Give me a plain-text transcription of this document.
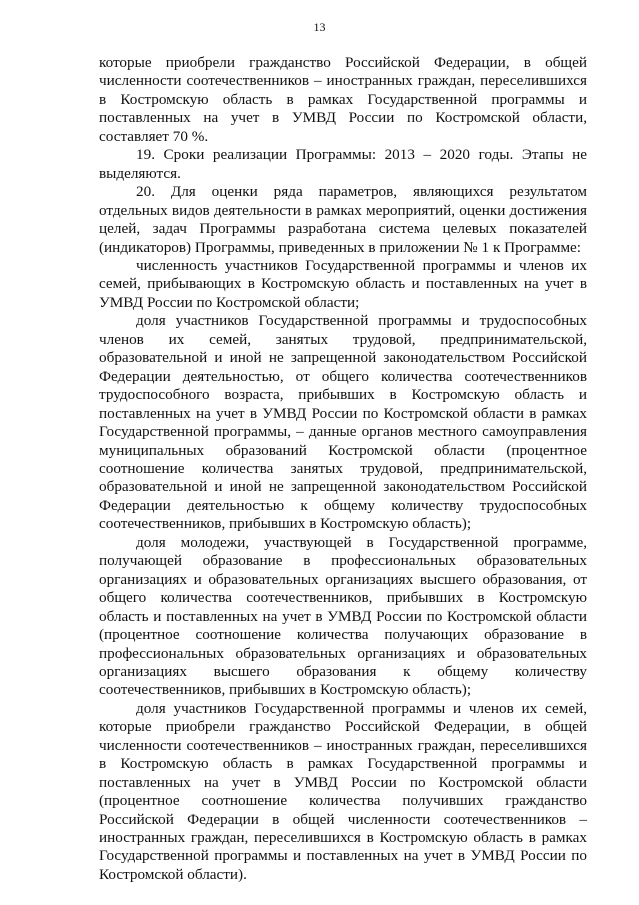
13

которые приобрели гражданство Российской Федерации, в общей численности соотечественников – иностранных граждан, переселившихся в Костромскую область в рамках Государственной программы и поставленных на учет в УМВД России по Костромской области, составляет 70 %.

19. Сроки реализации Программы: 2013 – 2020 годы. Этапы не выделяются.

20. Для оценки ряда параметров, являющихся результатом отдельных видов деятельности в рамках мероприятий, оценки достижения целей, задач Программы разработана система целевых показателей (индикаторов) Программы, приведенных в приложении № 1 к Программе:

численность участников Государственной программы и членов их семей, прибывающих в Костромскую область и поставленных на учет в УМВД России по Костромской области;

доля участников Государственной программы и трудоспособных членов их семей, занятых трудовой, предпринимательской, образовательной и иной не запрещенной законодательством Российской Федерации деятельностью, от общего количества соотечественников трудоспособного возраста, прибывших в Костромскую область и поставленных на учет в УМВД России по Костромской области в рамках Государственной программы, – данные органов местного самоуправления муниципальных образований Костромской области (процентное соотношение количества занятых трудовой, предпринимательской, образовательной и иной не запрещенной законодательством Российской Федерации деятельностью к общему количеству трудоспособных соотечественников, прибывших в Костромскую область);

доля молодежи, участвующей в Государственной программе, получающей образование в профессиональных образовательных организациях и образовательных организациях высшего образования, от общего количества соотечественников, прибывших в Костромскую область и поставленных на учет в УМВД России по Костромской области (процентное соотношение количества получающих образование в профессиональных образовательных организациях и образовательных организациях высшего образования к общему количеству соотечественников, прибывших в Костромскую область);

доля участников Государственной программы и членов их семей, которые приобрели гражданство Российской Федерации, в общей численности соотечественников – иностранных граждан, переселившихся в Костромскую область в рамках Государственной программы и поставленных на учет в УМВД России по Костромской области (процентное соотношение количества получивших гражданство Российской Федерации в общей численности соотечественников – иностранных граждан, переселившихся в Костромскую область в рамках Государственной программы и поставленных на учет в УМВД России по Костромской области).
